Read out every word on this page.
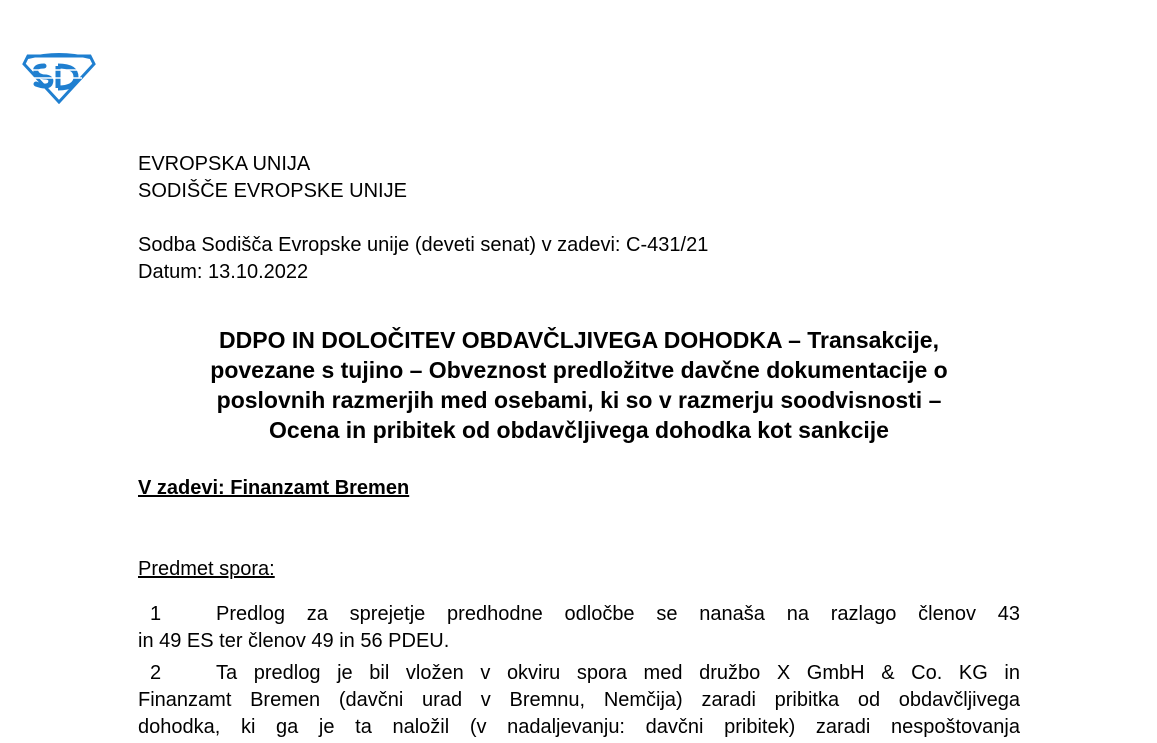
EVROPSKA UNIJA
SODIŠČE EVROPSKE UNIJE
Sodba Sodišča Evropske unije (deveti senat) v zadevi: C-431/21
Datum: 13.10.2022
DDPO IN DOLOČITEV OBDAVČLJIVEGA DOHODKA – Transakcije,
povezane s tujino – Obveznost predložitve davčne dokumentacije o
poslovnih razmerjih med osebami, ki so v razmerju soodvisnosti –
Ocena in pribitek od obdavčljivega dohodka kot sankcije
V zadevi: Finanzamt Bremen
Predmet spora:
1	Predlog za sprejetje predhodne odločbe se nanaša na razlago členov 43
in 49 ES ter členov 49 in 56 PDEU.
2	Ta predlog je bil vložen v okviru spora med družbo X GmbH & Co. KG in
Finanzamt Bremen (davčni urad v Bremnu, Nemčija) zaradi pribitka od obdavčljivega
dohodka, ki ga je ta naložil (v nadaljevanju: davčni pribitek) zaradi nespoštovanja
